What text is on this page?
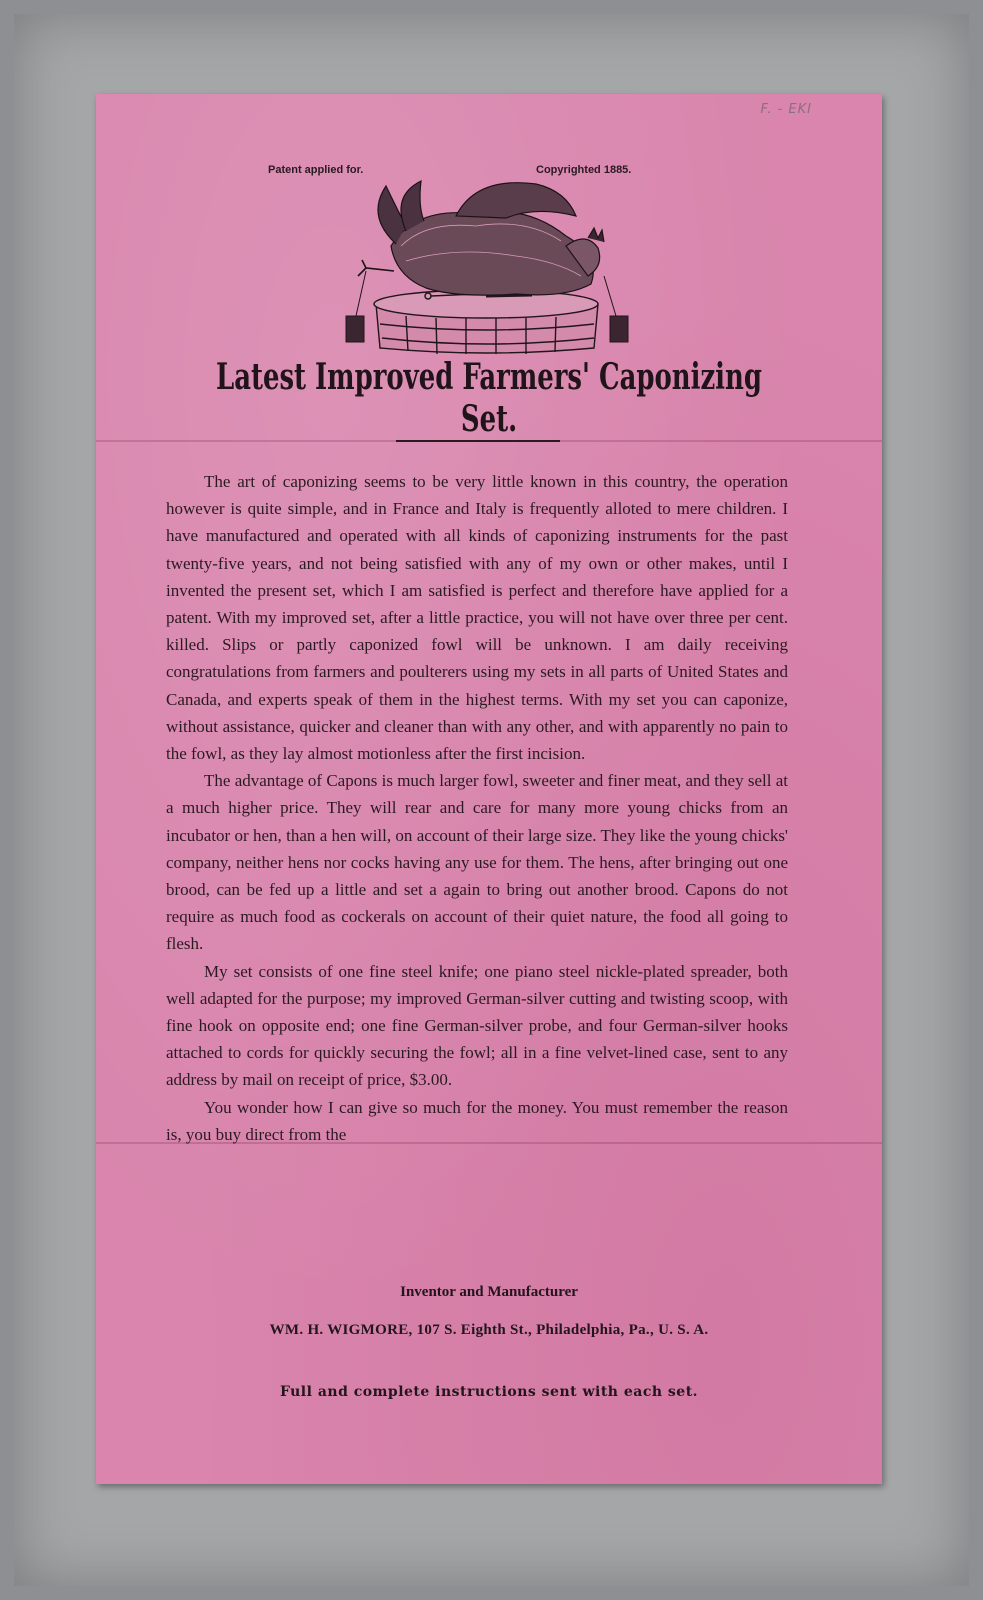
F. - EKI
Patent applied for.	Copyrighted 1885.
Latest Improved Farmers' Caponizing Set.

The art of caponizing seems to be very little known in this country, the operation however is quite simple, and in France and Italy is frequently alloted to mere children. I have manufactured and operated with all kinds of caponizing instruments for the past twenty-five years, and not being satisfied with any of my own or other makes, until I invented the present set, which I am satisfied is perfect and therefore have applied for a patent. With my improved set, after a little practice, you will not have over three per cent. killed. Slips or partly caponized fowl will be unknown. I am daily receiving congratulations from farmers and poulterers using my sets in all parts of United States and Canada, and experts speak of them in the highest terms. With my set you can caponize, without assistance, quicker and cleaner than with any other, and with apparently no pain to the fowl, as they lay almost motionless after the first incision.

The advantage of Capons is much larger fowl, sweeter and finer meat, and they sell at a much higher price. They will rear and care for many more young chicks from an incubator or hen, than a hen will, on account of their large size. They like the young chicks' company, neither hens nor cocks having any use for them. The hens, after bringing out one brood, can be fed up a little and set a again to bring out another brood. Capons do not require as much food as cockerals on account of their quiet nature, the food all going to flesh.

My set consists of one fine steel knife; one piano steel nickle-plated spreader, both well adapted for the purpose; my improved German-silver cutting and twisting scoop, with fine hook on opposite end; one fine German-silver probe, and four German-silver hooks attached to cords for quickly securing the fowl; all in a fine velvet-lined case, sent to any address by mail on receipt of price, $3.00.

You wonder how I can give so much for the money. You must remember the reason is, you buy direct from the

Inventor and Manufacturer
WM. H. WIGMORE, 107 S. Eighth St., Philadelphia, Pa., U. S. A.
Full and complete instructions sent with each set.
